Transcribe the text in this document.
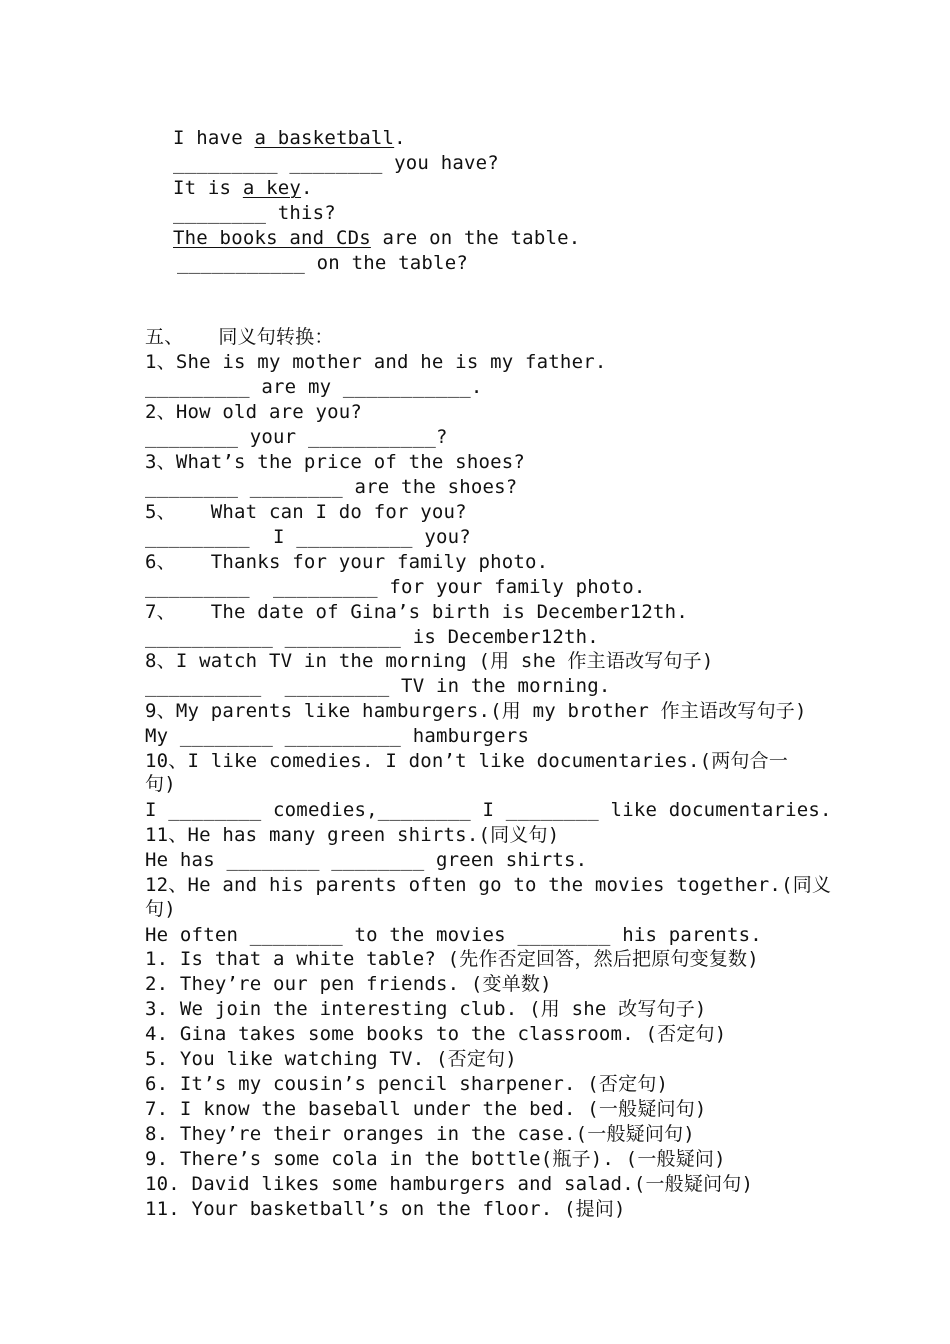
I have a basketball.
_________ ________ you have?
It is a key.
________ this?
The books and CDs are on the table.
___________ on the table?
五、   同义句转换：
1、She is my mother and he is my father.
_________ are my ___________.
2、How old are you?
________ your ___________?
3、What’s the price of the shoes?
________ ________ are the shoes?
5、   What can I do for you?
_________  I __________ you?
6、   Thanks for your family photo.
_________  _________ for your family photo.
7、   The date of Gina’s birth is December12th.
___________ __________ is December12th.
8、I watch TV in the morning (用 she 作主语改写句子)
__________  _________ TV in the morning.
9、My parents like hamburgers.(用 my brother 作主语改写句子)
My ________ __________ hamburgers
10、I like comedies. I don’t like documentaries.(两句合一
句)
I ________ comedies,________ I ________ like documentaries.
11、He has many green shirts.(同义句)
He has ________ ________ green shirts.
12、He and his parents often go to the movies together.(同义
句)
He often ________ to the movies ________ his parents.
1. Is that a white table? (先作否定回答，然后把原句变复数)
2. They’re our pen friends. (变单数)
3. We join the interesting club. (用 she 改写句子)
4. Gina takes some books to the classroom. (否定句)
5. You like watching TV. (否定句)
6. It’s my cousin’s pencil sharpener. (否定句)
7. I know the baseball under the bed. (一般疑问句)
8. They’re their oranges in the case.(一般疑问句)
9. There’s some cola in the bottle(瓶子). (一般疑问)
10. David likes some hamburgers and salad.(一般疑问句)
11. Your basketball’s on the floor. (提问)
